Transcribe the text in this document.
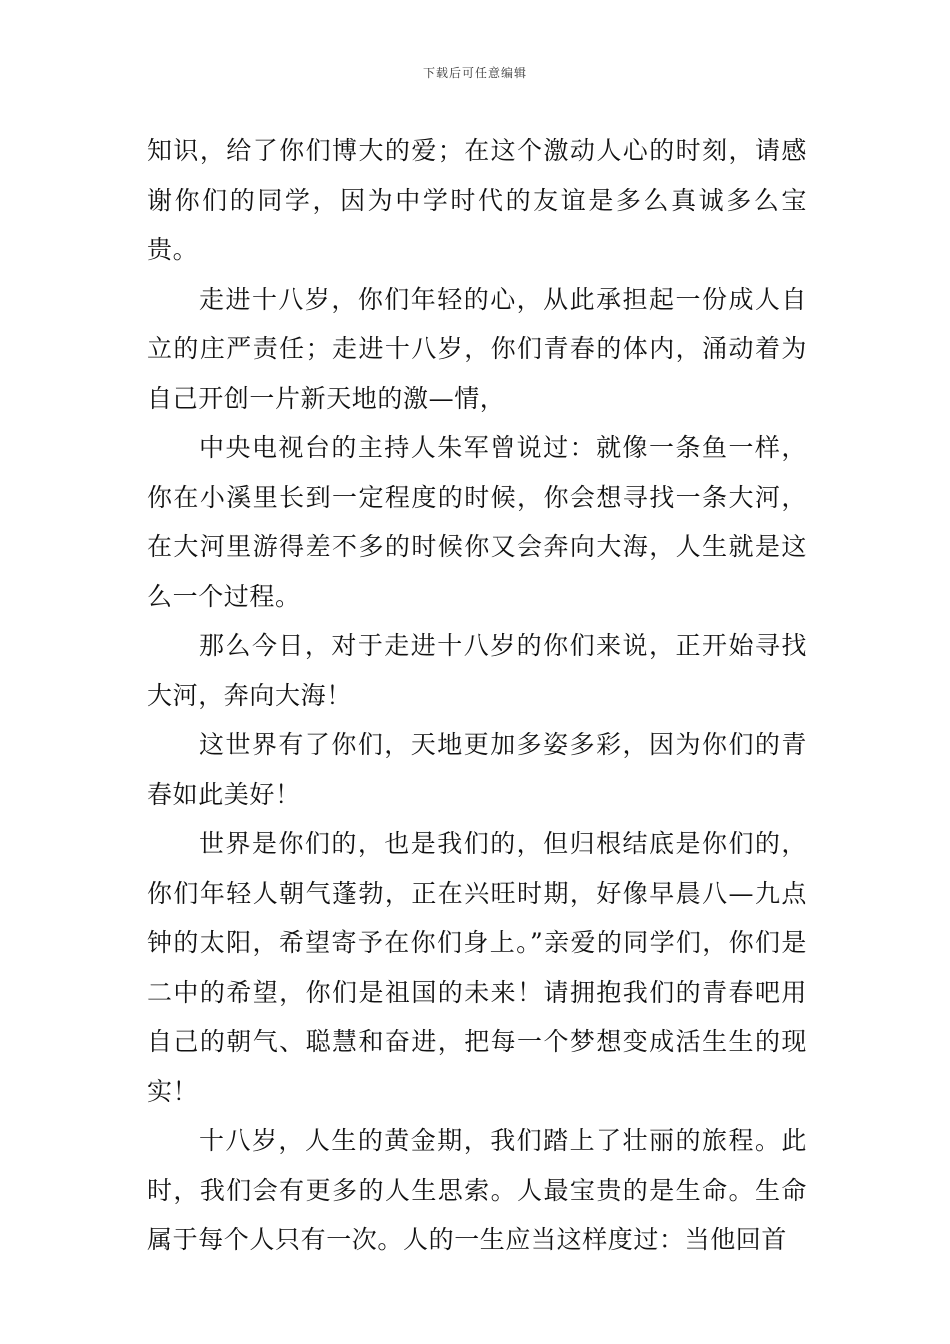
下载后可任意编辑

知识，给了你们博大的爱；在这个激动人心的时刻，请感谢你们的同学，因为中学时代的友谊是多么真诚多么宝贵。

走进十八岁，你们年轻的心，从此承担起一份成人自立的庄严责任；走进十八岁，你们青春的体内，涌动着为自己开创一片新天地的激—情，

中央电视台的主持人朱军曾说过：就像一条鱼一样，你在小溪里长到一定程度的时候，你会想寻找一条大河，在大河里游得差不多的时候你又会奔向大海，人生就是这么一个过程。

那么今日，对于走进十八岁的你们来说，正开始寻找大河，奔向大海！

这世界有了你们，天地更加多姿多彩，因为你们的青春如此美好！

世界是你们的，也是我们的，但归根结底是你们的，你们年轻人朝气蓬勃，正在兴旺时期，好像早晨八—九点钟的太阳，希望寄予在你们身上。”亲爱的同学们，你们是二中的希望，你们是祖国的未来！请拥抱我们的青春吧用自己的朝气、聪慧和奋进，把每一个梦想变成活生生的现实！

十八岁，人生的黄金期，我们踏上了壮丽的旅程。此时，我们会有更多的人生思索。人最宝贵的是生命。生命属于每个人只有一次。人的一生应当这样度过：当他回首
